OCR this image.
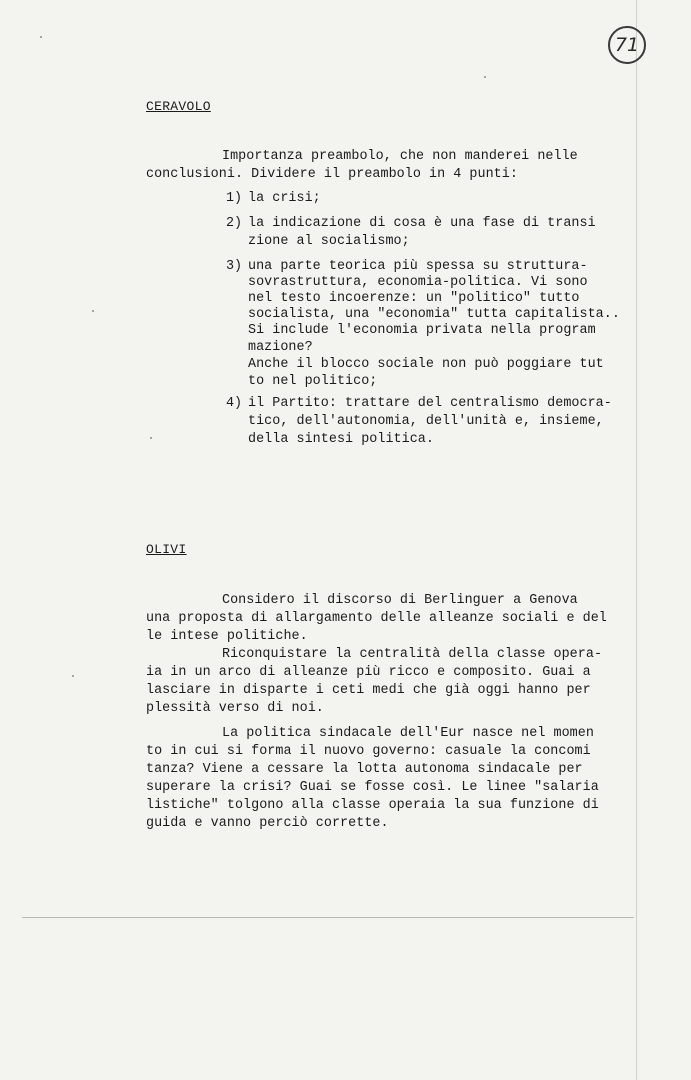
71
CERAVOLO
Importanza preambolo, che non manderei nelle
conclusioni. Dividere il preambolo in 4 punti:
1) la crisi;
2) la indicazione di cosa è una fase di transi
zione al socialismo;
3) una parte teorica più spessa su struttura-
sovrastruttura, economia-politica. Vi sono
nel testo incoerenze: un "politico" tutto
socialista, una "economia" tutta capitalista..
Si include l'economia privata nella program
mazione?
Anche il blocco sociale non può poggiare tut
to nel politico;
4) il Partito: trattare del centralismo democra-
tico, dell'autonomia, dell'unità e, insieme,
della sintesi politica.
OLIVI
Considero il discorso di Berlinguer a Genova
una proposta di allargamento delle alleanze sociali e del
le intese politiche.
Riconquistare la centralità della classe opera-
ia in un arco di alleanze più ricco e composito. Guai a
lasciare in disparte i ceti medi che già oggi hanno per
plessità verso di noi.
La politica sindacale dell'Eur nasce nel momen
to in cui si forma il nuovo governo: casuale la concomi
tanza? Viene a cessare la lotta autonoma sindacale per
superare la crisi? Guai se fosse così. Le linee "salaria
listiche" tolgono alla classe operaia la sua funzione di
guida e vanno perciò corrette.
